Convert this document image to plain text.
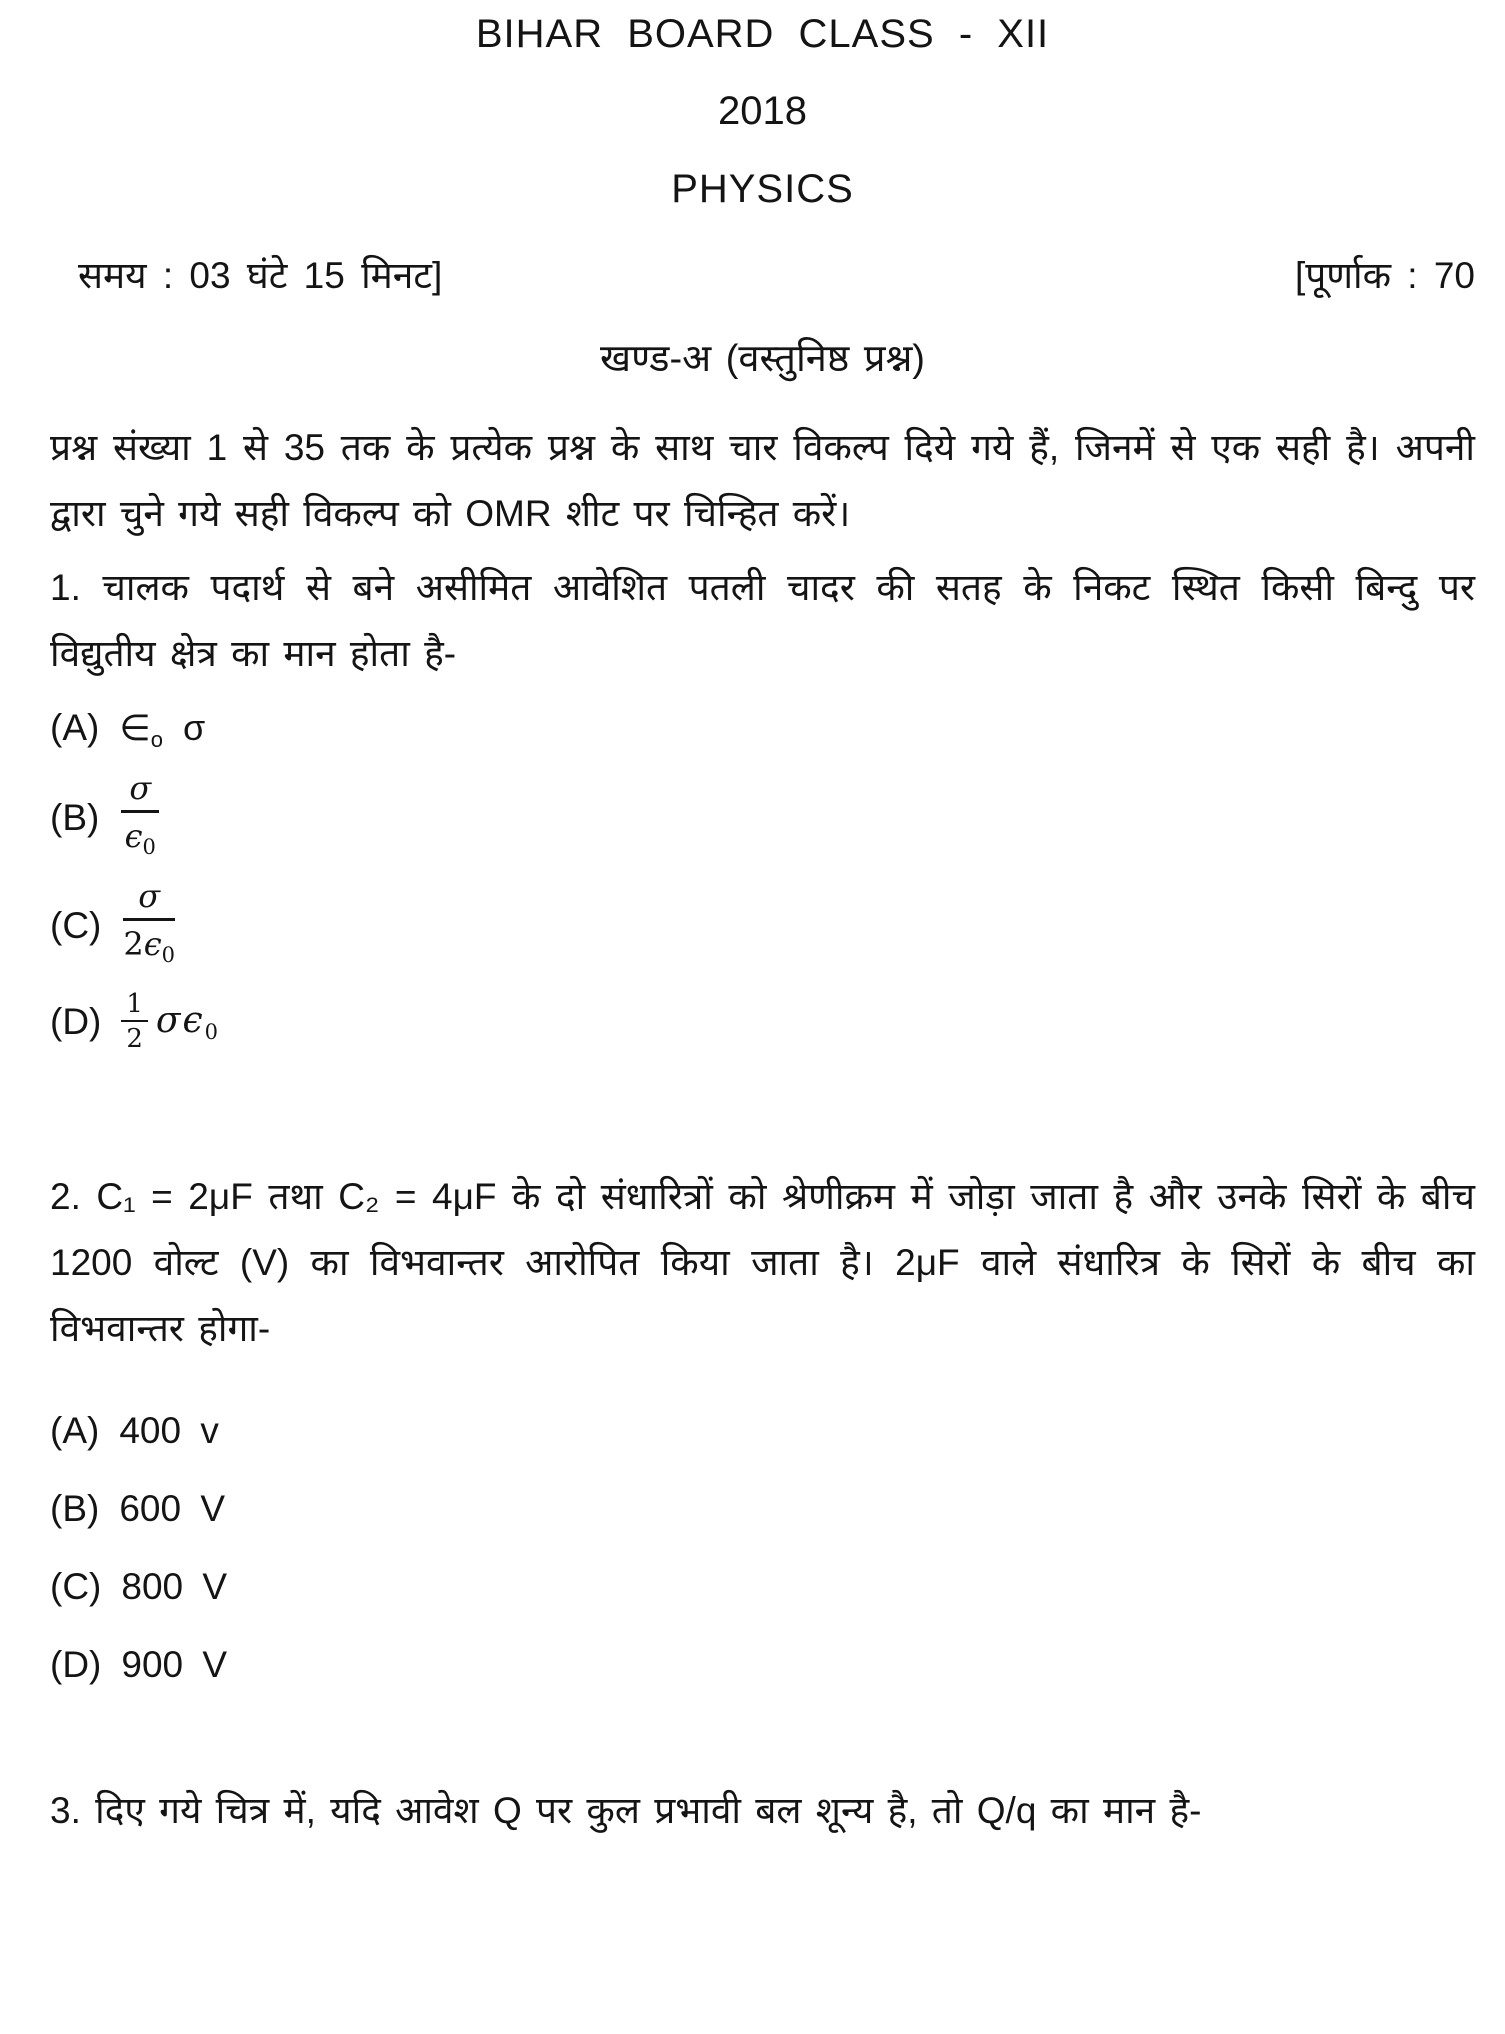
BIHAR BOARD CLASS - XII
2018
PHYSICS
समय : 03 घंटे 15 मिनट]	[पूर्णाक : 70
खण्ड-अ (वस्तुनिष्ठ प्रश्न)

प्रश्न संख्या 1 से 35 तक के प्रत्येक प्रश्न के साथ चार विकल्प दिये गये हैं, जिनमें से एक सही है। अपनी द्वारा चुने गये सही विकल्प को OMR शीट पर चिन्हित करें।

1. चालक पदार्थ से बने असीमित आवेशित पतली चादर की सतह के निकट स्थित किसी बिन्दु पर विद्युतीय क्षेत्र का मान होता है-

(A) ∈ o σ
$(B) \frac{\sigma}{\epsilon_0}$
$(C) \frac{\sigma}{2\epsilon_0}$
$(D) \frac{1}{2} \sigma\epsilon 0$

2. C₁ = 2μF तथा C₂ = 4μF के दो संधारित्रों को श्रेणीक्रम में जोड़ा जाता है और उनके सिरों के बीच 1200 वोल्ट (V) का विभवान्तर आरोपित किया जाता है। 2μF वाले संधारित्र के सिरों के बीच का विभवान्तर होगा-

(A) 400 v
(B) 600 V
(C) 800 V
(D) 900 V

3. दिए गये चित्र में, यदि आवेश Q पर कुल प्रभावी बल शून्य है, तो Q/q का मान है-
